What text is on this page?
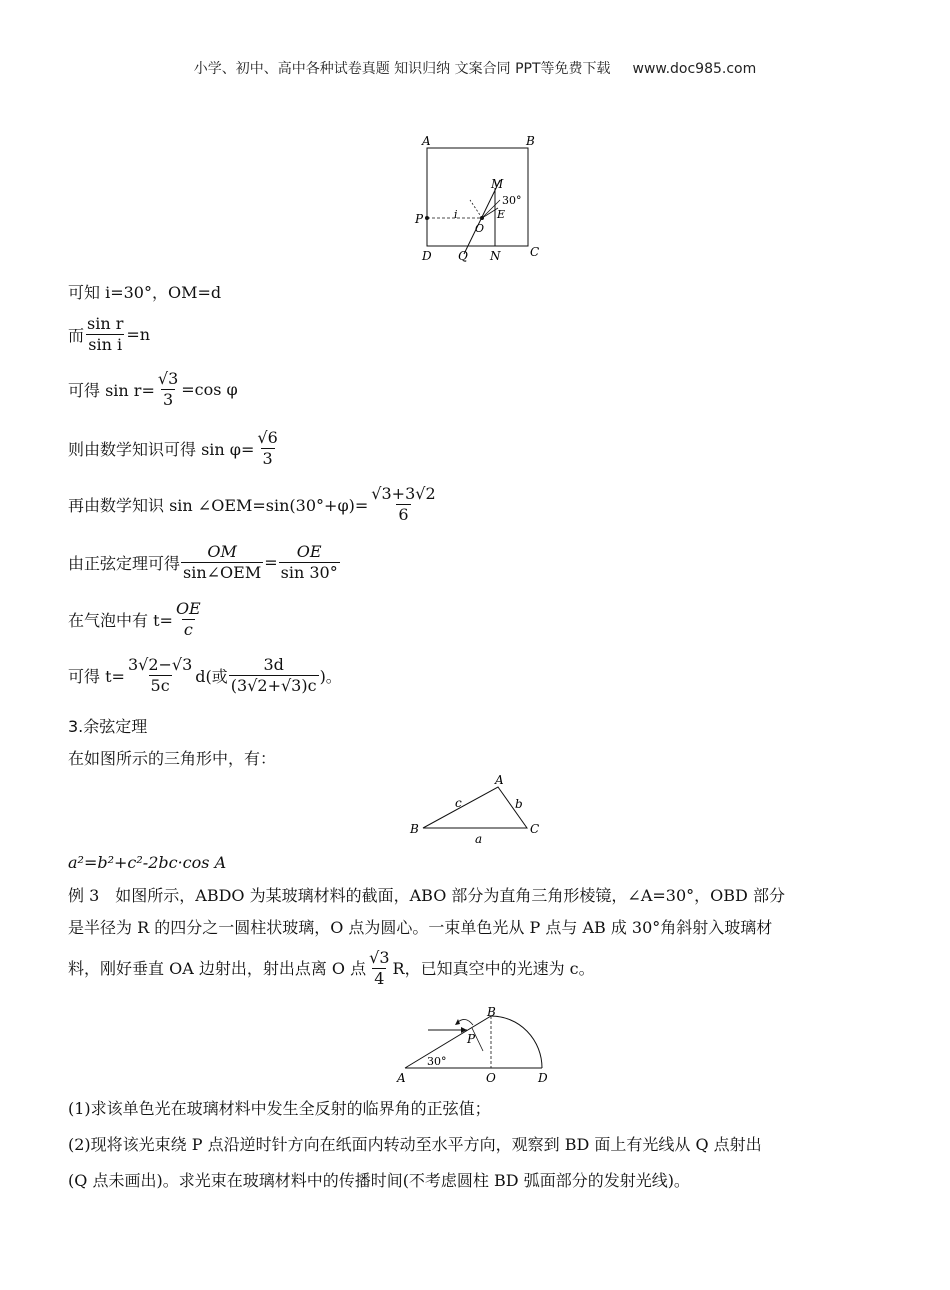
小学、初中、高中各种试卷真题 知识归纳 文案合同 PPT等免费下载 www.doc985.com
A	B
C
D
M
30°
P	E
O
i
Q N
可知 i=30°，OM=d
而 $\frac{\text{sin r}}{\text{sin i}} =n$
可得 $\sin r= \frac{√3}{3} =\cos$ φ
则由数学知识可得 $\sin \varphi= \frac{√6}{3}$
再由数学知识 sin ∠OEM=sin(30°+φ)= $\frac{√3+3√2}{6}$
由正弦定理可得 $\frac{OM}{\text{sin∠OEM}} = \frac{OE}{\sin 30^\circ}$
在气泡中有 $t= \frac{OE}{c}$
可得 $t= \frac{3√2-√3}{5c} d$(或 $\frac{3d}{(3√2+√3)c}$ )。
3.余弦定理
在如图所示的三角形中，有：
A
B	C
a
b
c
a²=b²+c²-2bc·cos A
例 3　如图所示，ABDO 为某玻璃材料的截面，ABO 部分为直角三角形棱镜，∠A=30°，OBD 部分
是半径为 R 的四分之一圆柱状玻璃，O 点为圆心。一束单色光从 P 点与 AB 成 30°角斜射入玻璃材
料，刚好垂直 OA 边射出，射出点离 O 点 $\frac{√3}{4}$ R，已知真空中的光速为 c。
A
B
O	D
P
30°
(1)求该单色光在玻璃材料中发生全反射的临界角的正弦值；
(2)现将该光束绕 P 点沿逆时针方向在纸面内转动至水平方向，观察到 BD 面上有光线从 Q 点射出
(Q 点未画出)。求光束在玻璃材料中的传播时间(不考虑圆柱 BD 弧面部分的发射光线)。
